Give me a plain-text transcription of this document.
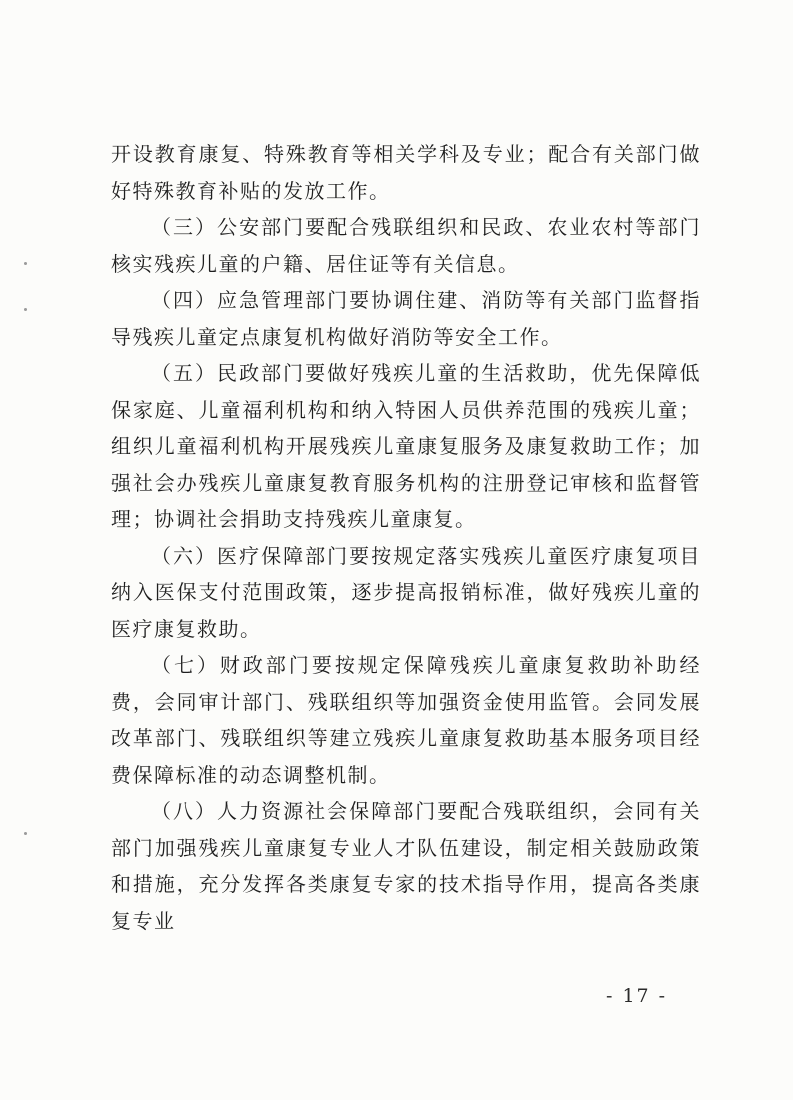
开设教育康复、特殊教育等相关学科及专业；配合有关部门做好特殊教育补贴的发放工作。

（三）公安部门要配合残联组织和民政、农业农村等部门核实残疾儿童的户籍、居住证等有关信息。

（四）应急管理部门要协调住建、消防等有关部门监督指导残疾儿童定点康复机构做好消防等安全工作。

（五）民政部门要做好残疾儿童的生活救助，优先保障低保家庭、儿童福利机构和纳入特困人员供养范围的残疾儿童；组织儿童福利机构开展残疾儿童康复服务及康复救助工作；加强社会办残疾儿童康复教育服务机构的注册登记审核和监督管理；协调社会捐助支持残疾儿童康复。

（六）医疗保障部门要按规定落实残疾儿童医疗康复项目纳入医保支付范围政策，逐步提高报销标准，做好残疾儿童的医疗康复救助。

（七）财政部门要按规定保障残疾儿童康复救助补助经费，会同审计部门、残联组织等加强资金使用监管。会同发展改革部门、残联组织等建立残疾儿童康复救助基本服务项目经费保障标准的动态调整机制。

（八）人力资源社会保障部门要配合残联组织，会同有关部门加强残疾儿童康复专业人才队伍建设，制定相关鼓励政策和措施，充分发挥各类康复专家的技术指导作用，提高各类康复专业

- 17 -
